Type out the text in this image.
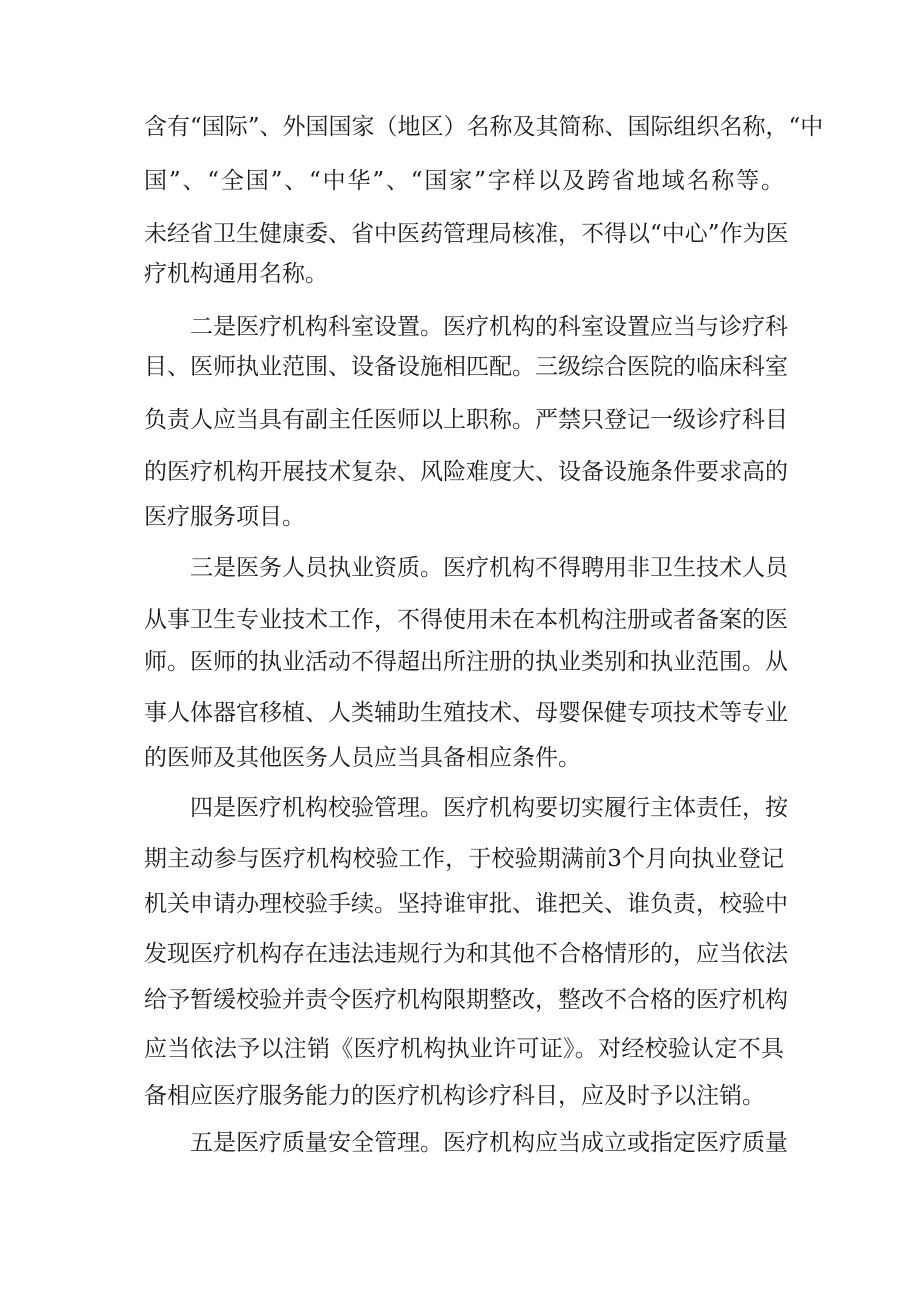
含有“国际”、外国国家（地区）名称及其简称、国际组织名称，“中
国”、“全国”、“中华”、“国家”字样以及跨省地域名称等。
未经省卫生健康委、省中医药管理局核准，不得以“中心”作为医
疗机构通用名称。
二是医疗机构科室设置。医疗机构的科室设置应当与诊疗科
目、医师执业范围、设备设施相匹配。三级综合医院的临床科室
负责人应当具有副主任医师以上职称。严禁只登记一级诊疗科目
的医疗机构开展技术复杂、风险难度大、设备设施条件要求高的
医疗服务项目。
三是医务人员执业资质。医疗机构不得聘用非卫生技术人员
从事卫生专业技术工作，不得使用未在本机构注册或者备案的医
师。医师的执业活动不得超出所注册的执业类别和执业范围。从
事人体器官移植、人类辅助生殖技术、母婴保健专项技术等专业
的医师及其他医务人员应当具备相应条件。
四是医疗机构校验管理。医疗机构要切实履行主体责任，按
期主动参与医疗机构校验工作，于校验期满前3个月向执业登记
机关申请办理校验手续。坚持谁审批、谁把关、谁负责，校验中
发现医疗机构存在违法违规行为和其他不合格情形的，应当依法
给予暂缓校验并责令医疗机构限期整改，整改不合格的医疗机构
应当依法予以注销《医疗机构执业许可证》。对经校验认定不具
备相应医疗服务能力的医疗机构诊疗科目，应及时予以注销。
五是医疗质量安全管理。医疗机构应当成立或指定医疗质量
